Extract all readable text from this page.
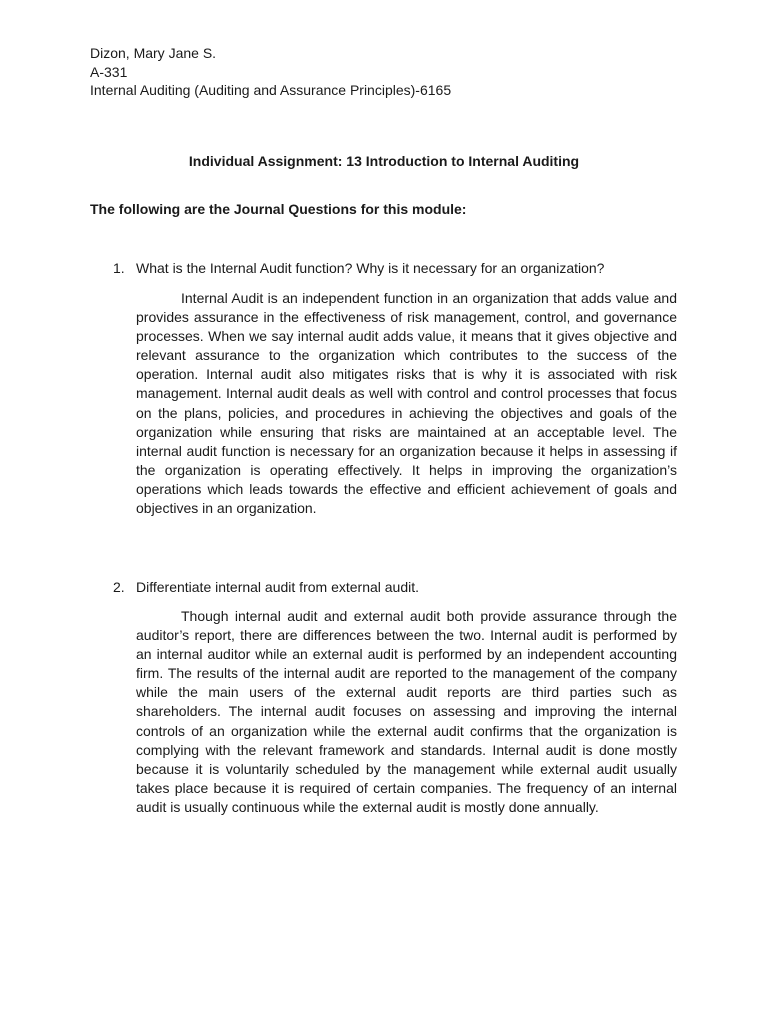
Dizon, Mary Jane S.
A-331
Internal Auditing (Auditing and Assurance Principles)-6165
Individual Assignment: 13 Introduction to Internal Auditing
The following are the Journal Questions for this module:
1. What is the Internal Audit function? Why is it necessary for an organization?

Internal Audit is an independent function in an organization that adds value and provides assurance in the effectiveness of risk management, control, and governance processes. When we say internal audit adds value, it means that it gives objective and relevant assurance to the organization which contributes to the success of the operation. Internal audit also mitigates risks that is why it is associated with risk management. Internal audit deals as well with control and control processes that focus on the plans, policies, and procedures in achieving the objectives and goals of the organization while ensuring that risks are maintained at an acceptable level. The internal audit function is necessary for an organization because it helps in assessing if the organization is operating effectively. It helps in improving the organization’s operations which leads towards the effective and efficient achievement of goals and objectives in an organization.

2. Differentiate internal audit from external audit.

Though internal audit and external audit both provide assurance through the auditor’s report, there are differences between the two. Internal audit is performed by an internal auditor while an external audit is performed by an independent accounting firm. The results of the internal audit are reported to the management of the company while the main users of the external audit reports are third parties such as shareholders. The internal audit focuses on assessing and improving the internal controls of an organization while the external audit confirms that the organization is complying with the relevant framework and standards. Internal audit is done mostly because it is voluntarily scheduled by the management while external audit usually takes place because it is required of certain companies. The frequency of an internal audit is usually continuous while the external audit is mostly done annually.
